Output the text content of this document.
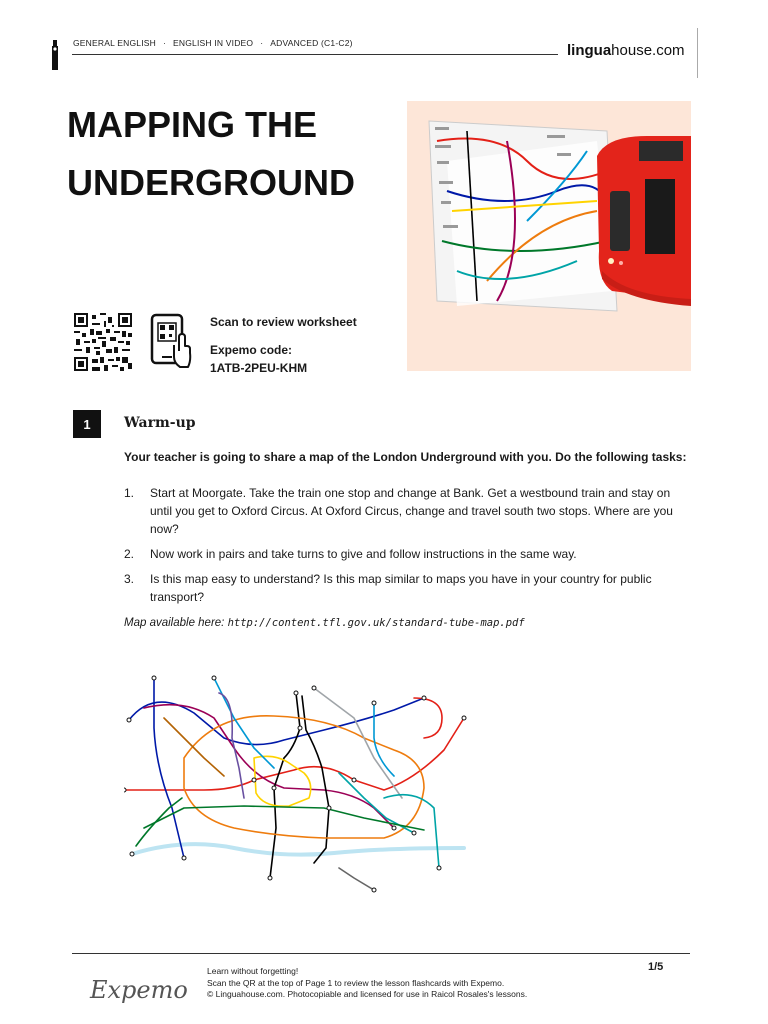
GENERAL ENGLISH · ENGLISH IN VIDEO · ADVANCED (C1-C2)	linguahouse.com
MAPPING THE
UNDERGROUND
Scan to review worksheet
Expemo code:
1ATB-2PEU-KHM
1	Warm-up
Your teacher is going to share a map of the London Underground with you. Do the following tasks:
1. Start at Moorgate. Take the train one stop and change at Bank. Get a westbound train and stay on until you get to Oxford Circus. At Oxford Circus, change and travel south two stops. Where are you now?
2. Now work in pairs and take turns to give and follow instructions in the same way.
3. Is this map easy to understand? Is this map similar to maps you have in your country for public transport?
Map available here: http://content.tfl.gov.uk/standard-tube-map.pdf
Expemo
Learn without forgetting!
Scan the QR at the top of Page 1 to review the lesson flashcards with Expemo.
© Linguahouse.com. Photocopiable and licensed for use in Raicol Rosales's lessons.
1/5
